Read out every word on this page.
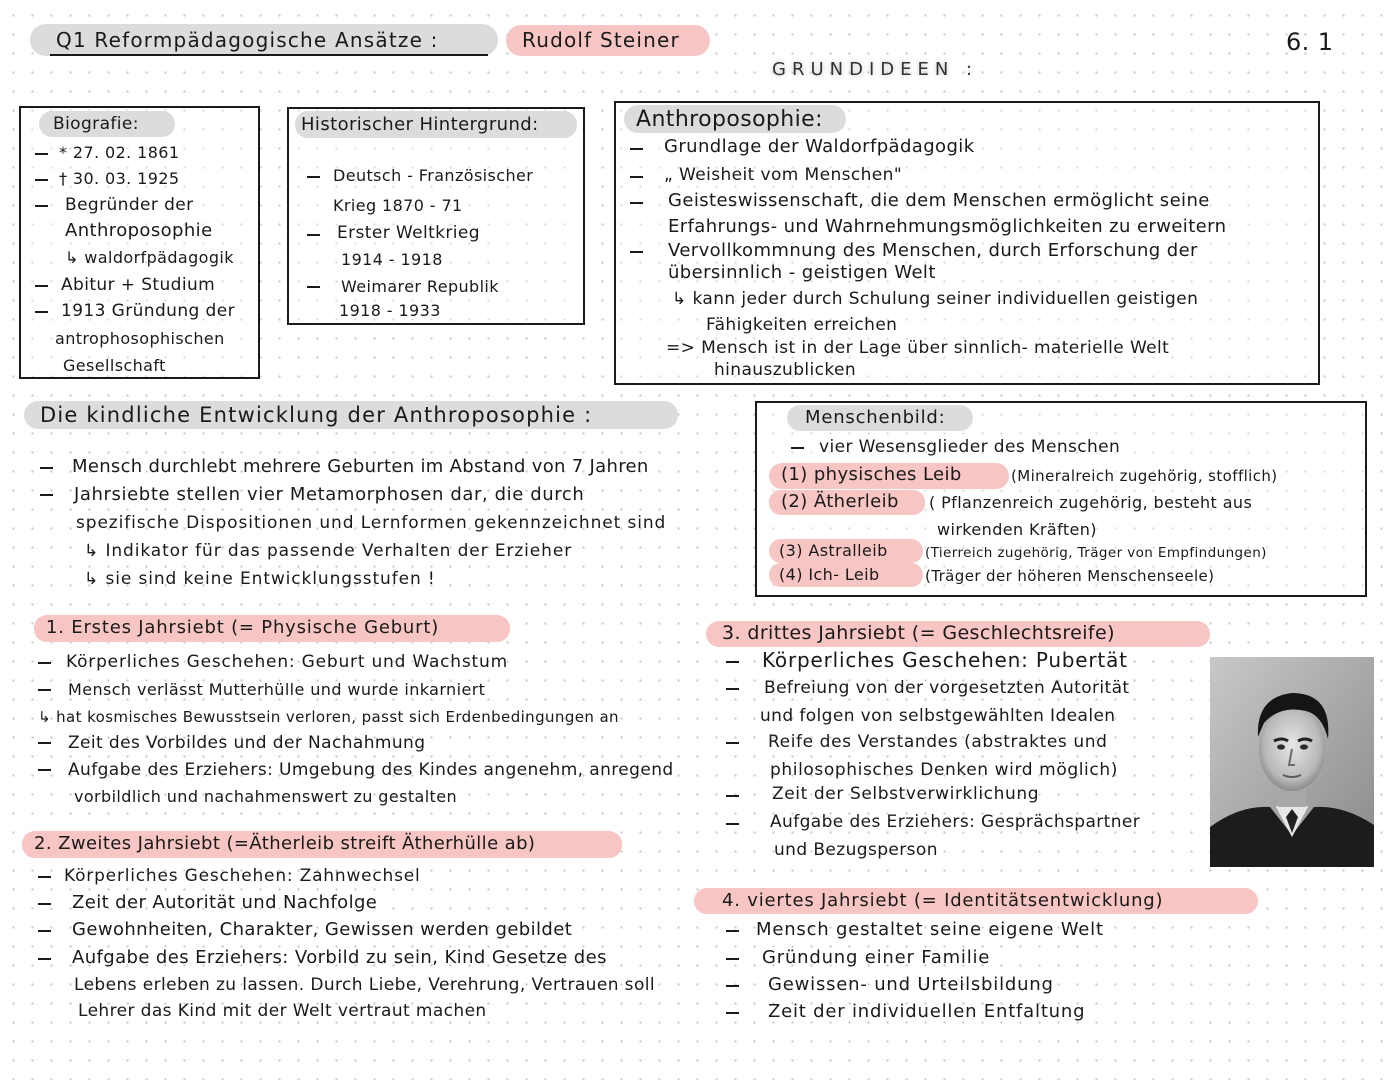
Q1 Reformpädagogische Ansätze :	Rudolf Steiner	6. 1
GRUNDIDEEN :
Biografie:
* 27. 02. 1861
† 30. 03. 1925
Begründer der
Anthroposophie
↳ waldorfpädagogik
Abitur + Studium
1913 Gründung der
antrophosophischen
Gesellschaft
Historischer Hintergrund:
Deutsch - Französischer
Krieg 1870 - 71
Erster Weltkrieg
1914 - 1918
Weimarer Republik
1918 - 1933
Anthroposophie:
Grundlage der Waldorfpädagogik
„ Weisheit vom Menschen"
Geisteswissenschaft, die dem Menschen ermöglicht seine
Erfahrungs- und Wahrnehmungsmöglichkeiten zu erweitern
Vervollkommnung des Menschen, durch Erforschung der
übersinnlich - geistigen Welt
↳ kann jeder durch Schulung seiner individuellen geistigen
Fähigkeiten erreichen
=> Mensch ist in der Lage über sinnlich- materielle Welt
hinauszublicken
Die kindliche Entwicklung der Anthroposophie :
Mensch durchlebt mehrere Geburten im Abstand von 7 Jahren
Jahrsiebte stellen vier Metamorphosen dar, die durch
spezifische Dispositionen und Lernformen gekennzeichnet sind
↳ Indikator für das passende Verhalten der Erzieher
↳ sie sind keine Entwicklungsstufen !
Menschenbild:
vier Wesensglieder des Menschen
(1) physisches Leib	(Mineralreich zugehörig, stofflich)
(2) Ätherleib ( Pflanzenreich zugehörig, besteht aus
wirkenden Kräften)
(3) Astralleib	(Tierreich zugehörig, Träger von Empfindungen)
(4) Ich- Leib	(Träger der höheren Menschenseele)
1. Erstes Jahrsiebt (= Physische Geburt)
Körperliches Geschehen: Geburt und Wachstum
Mensch verlässt Mutterhülle und wurde inkarniert
↳ hat kosmisches Bewusstsein verloren, passt sich Erdenbedingungen an
Zeit des Vorbildes und der Nachahmung
Aufgabe des Erziehers: Umgebung des Kindes angenehm, anregend
vorbildlich und nachahmenswert zu gestalten
2. Zweites Jahrsiebt (=Ätherleib streift Ätherhülle ab)
Körperliches Geschehen: Zahnwechsel
Zeit der Autorität und Nachfolge
Gewohnheiten, Charakter, Gewissen werden gebildet
Aufgabe des Erziehers: Vorbild zu sein, Kind Gesetze des
Lebens erleben zu lassen. Durch Liebe, Verehrung, Vertrauen soll
Lehrer das Kind mit der Welt vertraut machen
3. drittes Jahrsiebt (= Geschlechtsreife)
Körperliches Geschehen: Pubertät
Befreiung von der vorgesetzten Autorität
und folgen von selbstgewählten Idealen
Reife des Verstandes (abstraktes und
philosophisches Denken wird möglich)
Zeit der Selbstverwirklichung
Aufgabe des Erziehers: Gesprächspartner
und Bezugsperson
4. viertes Jahrsiebt (= Identitätsentwicklung)
Mensch gestaltet seine eigene Welt
Gründung einer Familie
Gewissen- und Urteilsbildung
Zeit der individuellen Entfaltung
